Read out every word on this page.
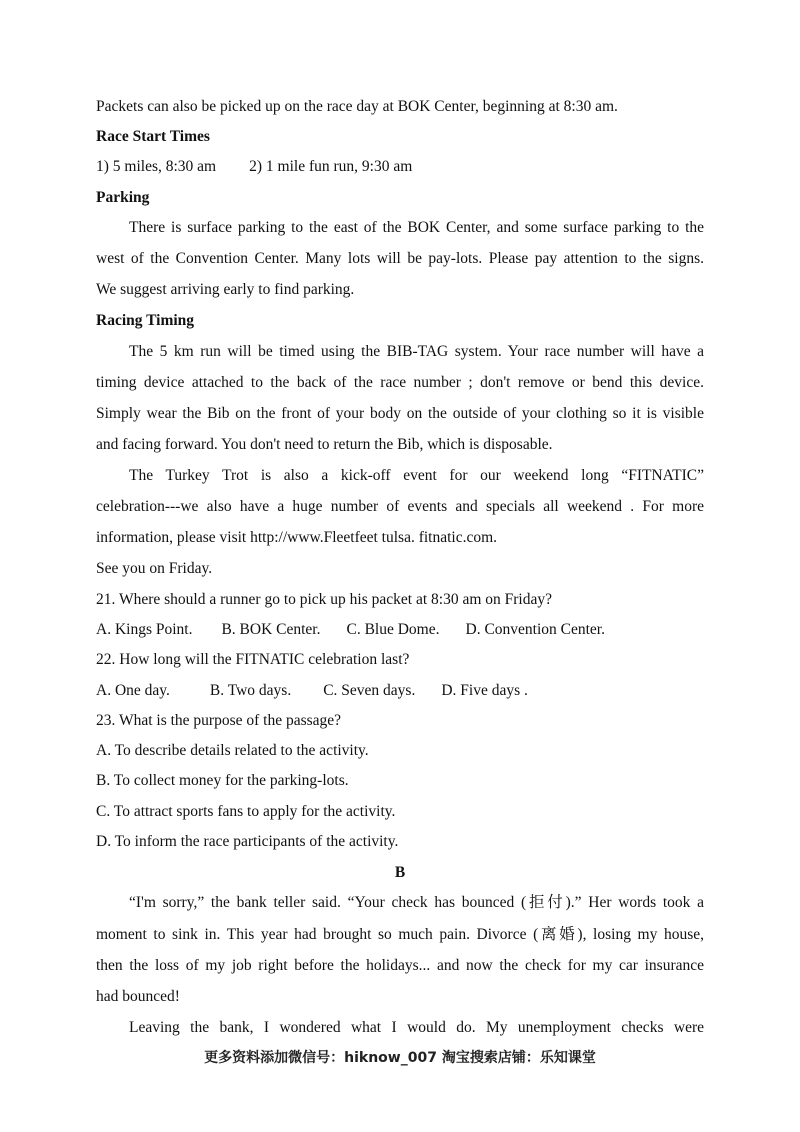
Packets can also be picked up on the race day at BOK Center, beginning at 8:30 am.
Race Start Times
1) 5 miles, 8:30 am 2) 1 mile fun run, 9:30 am
Parking
There is surface parking to the east of the BOK Center, and some surface parking to the
west of the Convention Center. Many lots will be pay-lots. Please pay attention to the signs.
We suggest arriving early to find parking.
Racing Timing
The 5 km run will be timed using the BIB-TAG system. Your race number will have a
timing device attached to the back of the race number ; don't remove or bend this device.
Simply wear the Bib on the front of your body on the outside of your clothing so it is visible
and facing forward. You don't need to return the Bib, which is disposable.
The Turkey Trot is also a kick-off event for our weekend long “FITNATIC”
celebration---we also have a huge number of events and specials all weekend . For more
information, please visit http://www.Fleetfeet tulsa. fitnatic.com.
See you on Friday.
21. Where should a runner go to pick up his packet at 8:30 am on Friday?
A. Kings Point. B. BOK Center. C. Blue Dome. D. Convention Center.
22. How long will the FITNATIC celebration last?
A. One day.	B. Two days. C. Seven days. D. Five days .
23. What is the purpose of the passage?
A. To describe details related to the activity.
B. To collect money for the parking-lots.
C. To attract sports fans to apply for the activity.
D. To inform the race participants of the activity.
B
“I'm sorry,” the bank teller said. “Your check has bounced (拒付).” Her words took a
moment to sink in. This year had brought so much pain. Divorce (离婚), losing my house,
then the loss of my job right before the holidays... and now the check for my car insurance
had bounced!
Leaving the bank, I wondered what I would do. My unemployment checks were
更多资料添加微信号：hiknow_007 淘宝搜索店铺：乐知课堂
